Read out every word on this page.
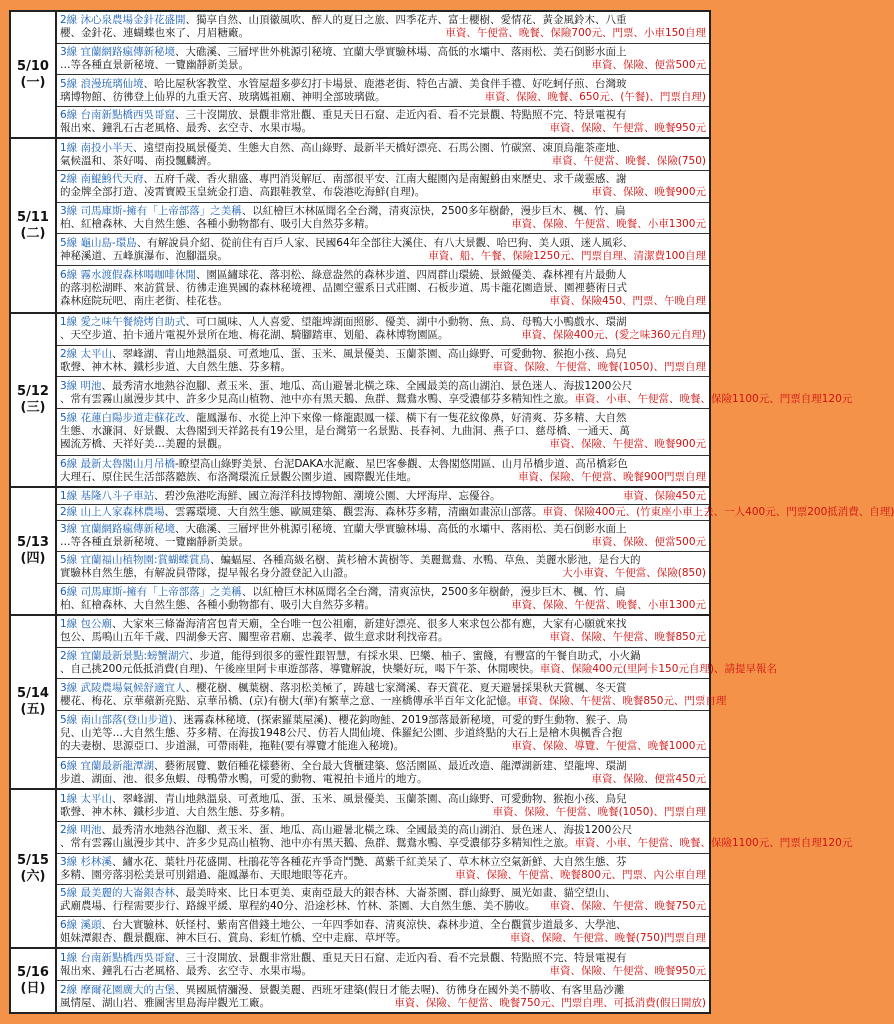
5/10
(一)
2線 沐心泉農場金針花盛開、獨享自然、山頂徽風吹、醉人的夏日之旅、四季花卉、富士櫻樹、愛情花、黃金風鈴木、八重
櫻、金針花、連蝴蝶也來了、月眉糖廠。	車資、午便當、晚餐、保險700元、門票、小車150自理
3線 宜蘭網路瘋傳新秘境、大礁溪、三層坪世外桃源引秘境、宜蘭大學實驗林場、高低的水壩中、落雨松、美石倒影水面上
…等各種直景新秘境、一覽幽靜新美景。	車資、保險、便當500元
5線 浪漫琉璃仙境、哈比屋秋客教堂、水管屋超多夢幻打卡場景、鹿港老街、特色古讀、美食伴手禮、好吃蚵仔煎、台灣玻
璃博物館、彷彿登上仙界的九重天宮、玻璃媽祖廟、神明全部玻璃做。	車資、保險、晚餐、650元、(午餐)、門票自理)
6線 台南新點橋西吳哥窟、三十沒開放、景觀非常壯觀、重見天日石窟、走近內看、看不完景觀、特點照不完、特景電視有
報出來、鐘乳石古老風格、最秀、玄空寺、水果市場。	車資、保險、午便當、晚餐950元
5/11
(二)
1線 南投小半天、遠望南投風景優美、生態大自然、高山綠野、最新半天橋好漂亮、石馬公園、竹碳窯、凍頂烏龍茶產地、
氣候溫和、茶好喝、南投飄麟濟。	車資、午便當、晚餐、保險(750)
2線 南鯤鯓代天府、五府千歲、香火鼎盛、專門消災解厄、南部很平安、江南大鯤園內是南鯤鯓由來歷史、求千歲靈感、謝
的金牌全部打造、凌霄寶殿玉皇統金打造、高跟鞋教堂、布袋港吃海鮮(自理)。	車資、保險、晚餐900元
3線 司馬庫斯-擁有「上帝部落」之美稱、以紅檜巨木林區聞名全台灣，清爽涼快，2500多年樹齡，漫步巨木、楓、竹、扁
柏、紅檜森林、大自然生態、各種小動物都有、吸引大自然芬多精。	車資、保險、午便當、晚餐、小車1300元
5線 龜山島-環島、有解說員介紹、從前住有百戶人家、民國64年全部往大溪住、有八大景觀、哈巴狗、美人頭、迷人風彩、
神秘溪道、五峰旗瀑布、泡腳溫泉。	車資、船、午餐、保險1250元、門票自理、清潔費100自理
6線 霧水渡假森林喝咖啡休閒、園區繡球花、落羽松、綠意盎然的森林步道、四周群山環繞、景緻優美、森林裡有片最動人
的落羽松湖畔、來訪賞景、彷彿走進異國的森林秘境裡、品園空靈系日式莊園、石板步道、馬卡龍花園造景、園裡藝術日式
森林庭院玩吧、南庄老街、桂花巷。	車資、保險450、門票、午晚自理
5/12
(三)
1線 愛之味午餐燒烤自助式、可口風味、人人喜愛、望龍埤湖面照影、優美、湖中小動物、魚、鳥、母鴨大小鴨戲水、環湖
、天空步道、拍卡通片電視外景所在地、梅花湖、騎腳踏車、划船、森林博物園區。	車資、保險400元、(愛之味360元自理)
2線 太平山、翠峰湖、青山地熱溫泉、可煮地瓜、蛋、玉米、風景優美、玉蘭茶園、高山綠野、可愛動物、猴抱小孩、鳥兒
歌聲、神木林、鐵杉步道、大自然生態、芬多精。	車資、保險、午便當、晚餐(1050)、門票自理
3線 明池、最秀清水地熱谷泡腳、煮玉米、蛋、地瓜、高山避暑北橫之珠、全國最美的高山湖泊、景色迷人、海拔1200公尺
、常有雲霧山嵐漫步其中、許多少見高山植物、池中亦有黑天鵝、魚群、鴛鴦水鴨、享受濃郁芬多精知性之旅。 車資、小車、午便當、晚餐、保險1100元、門票自理120元
5線 花蓮白陽步道走蘇花改、龍鳳瀑布、水從上沖下來像一條龍跟鳳一樣、橫下有一隻花紋像鼻，好清爽、芬多精、大自然
生態、水濂洞、好景觀、太魯閣到天祥銘長有19公里，是台灣第一名景點、長春祠、九曲洞、燕子口、慈母橋、一通天、萬
國流芳橋、天祥好美…美麗的景觀。	車資、保險、午便當、晚餐900元
6線 最新太魯閣山月吊橋-瞭望高山綠野美景、台泥DAKA水泥廠、星巴客參觀、太魯閣悠閒區、山月吊橋步道、高吊橋彩色
大理石、原住民生活部落聽族、布洛灣環流丘景觀公園步道、國際觀光佳地。	車資、保險、午便當、晚餐900門票自理
5/13
(四)
1線 基隆八斗子車站、碧沙魚港吃海鮮、國立海洋科技博物館、潮境公園、大坪海岸、忘優谷。	車資、保險450元
2線 山上人家森林農場、雲霧環境、大自然生態、歐風建築、觀雲海、森林芬多精，清幽如畫涼山部落。 車資、保險400元、(竹東座小車上去、一人400元、門票200抵消費、自理)
3線 宜蘭網路瘋傳新秘境、大礁溪、三層坪世外桃源引秘境、宜蘭大學實驗林場、高低的水壩中、落雨松、美石倒影水面上
…等各種直景新秘境、一覽幽靜新美景。	車資、保險、便當500元
5線 宜蘭福山植物園:賞蝴蝶賞鳥、蝙蝠屋、各種高級名樹、黃杉檜木黃樹等、美麗鴛鴦、水鴨、草魚、美麗水影池，是台大的
實驗林自然生態，有解說員帶隊，提早報名身分證登記入山證。	大小車資、午便當、保險(850)
6線 司馬庫斯-擁有「上帝部落」之美稱、以紅檜巨木林區聞名全台灣，清爽涼快，2500多年樹齡，漫步巨木、楓、竹、扁
柏、紅檜森林、大自然生態、各種小動物都有、吸引大自然芬多精。	車資、保險、午便當、晚餐、小車1300元
5/14
(五)
1線 包公廟、大家來三條崙海清宮包青天廟，全台唯一包公祖廟，新建好漂亮、很多人來求包公都有應，大家有心願就來找
包公、馬鳴山五年千歲、四湖參天宮、關聖帝君廟、忠義孝、做生意求財利找帝君。	車資、保險、午便當、晚餐850元
2線 宜蘭最新景點:螃蟹湖穴、步道，能得到很多的靈性跟智慧，有採水果、巴樂、柚子、蜜餞，有豐富的午餐自助式，小火鍋
、自己挑200元低抵消費(自理)、午後座里阿卡車遊部落、導覽解說，快樂好玩，喝下午茶、休閒喫快。 車資、保險400元(里阿卡150元自理)、請提早報名
3線 武陵農場氣候舒適宜人、櫻花樹、楓葉樹、落羽松美極了，踌越七家灣溪、春天賞花、夏天避暑採果秋天賞楓、冬天賞
櫻花、梅花、京華蘋新亮點、京華吊橋、(京)有樹大(華)有繁華之意、一座橋傳承半百年文化記憶。 車資、保險、午便當、晚餐850元、門票自理
5線 南山部落(登山步道)、迷霧森林秘境、(探索羅葉屋溪)、櫻花鈎吻鮭、2019部落最新秘境，可愛的野生動物、猴子、鳥
兒、山羌等…大自然生態、芬多精、在海拔1948公尺、仿若人間仙境、侏羅紀公園、步道終點的大石上是檜木與楓香合抱
的夫妻樹、思源亞口、步道濕，可帶雨鞋，拖鞋(要有導覽才能進入秘境)。	車資、保險、導覽、午便當、晚餐1000元
6線 宜蘭最新龍潭湖、藝術展覽、數佰種花樣藝術、全台最大貨櫃建築、悠活園區、最近改造、龍潭湖新建、望龍埤、環湖
步道、湖面、池、很多魚蝦、母鴨帶水鴨，可愛的動物、電視拍卡通片的地方。	車資、保險、便當450元
5/15
(六)
1線 太平山、翠峰湖、青山地熱溫泉、可煮地瓜、蛋、玉米、風景優美、玉蘭茶園、高山綠野、可愛動物、猴抱小孩、鳥兒
歌聲、神木林、鐵杉步道、大自然生態、芬多精。	車資、保險、午便當、晚餐(1050)、門票自理
2線 明池、最秀清水地熱谷泡腳、煮玉米、蛋、地瓜、高山避暑北橫之珠、全國最美的高山湖泊、景色迷人、海拔1200公尺
、常有雲霧山嵐漫步其中、許多少見高山植物、池中亦有黑天鵝、魚群、鴛鴦水鴨、享受濃郁芬多精知性之旅。 車資、小車、午便當、晚餐、保險1100元、門票自理120元
3線 杉林溪、繡水花、葉牡丹花盛開、杜鵑花等各種花卉爭奇鬥艷、萬紫千紅美呆了、草木林立空氣新鮮、大自然生態、芬
多精、園旁落羽松美景可別錯過、龍鳳瀑布、天眼地眼等花卉。	車資、保險、午便當、晚餐800元、門票、內公車自理
5線 最美麗的大崙銀杏林、最美時來、比日本更美、東南亞最大的銀杏林、大崙茶園、群山綠野、風光如畫、貓空望山、
武廟農場、行程需要步行、路線平緩、單程約40分、沿途杉林、竹林、茶園、大自然生態、美不勝收。 車資、保險、午便當、晚餐750元
6線 溪頭、台大實驗林、妖怪村、紫南宮借錢土地公、一年四季如春、清爽涼快、森林步道、全台觀賞步道最多、大學池、
姐妹潭銀杏、觀景觀廊、神木巨石、賞鳥、彩虹竹橋、空中走廊、草坪等。	車資、保險、午便當、晚餐(750)門票自理
5/16
(日)
1線 台南新點橋西吳哥窟、三十沒開放、景觀非常壯觀、重見天日石窟、走近內看、看不完景觀、特點照不完、特景電視有
報出來、鐘乳石古老風格、最秀、玄空寺、水果市場。	車資、保險、午便當、晚餐950元
2線 摩爾花園廣大的古堡、異國風情瀰漫、景觀美麗、西班牙建築(假日才能去喔)、彷彿身在國外美不勝收、有客里島沙灘
風情屋、湖山岩、雅圖害里島海岸觀光工廠。	車資、保險、午便當、晚餐750元、門票自理、可抵消費(假日開放)
